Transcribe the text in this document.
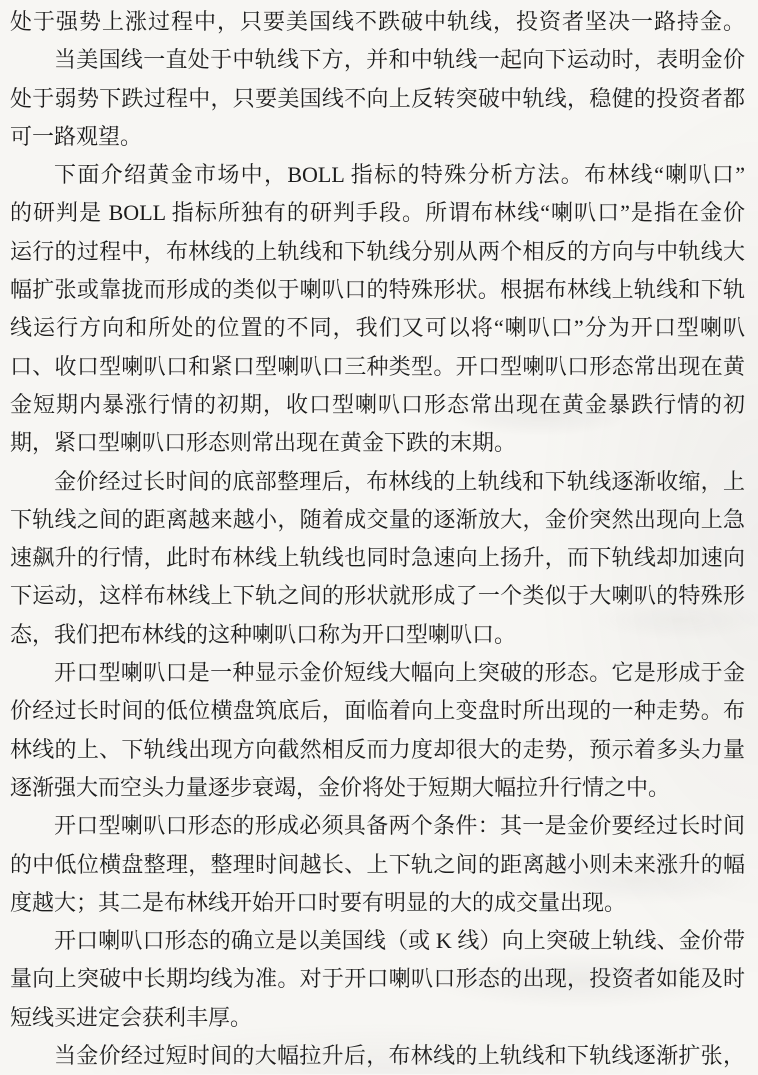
处于强势上涨过程中，只要美国线不跌破中轨线，投资者坚决一路持金。
当美国线一直处于中轨线下方，并和中轨线一起向下运动时，表明金价
处于弱势下跌过程中，只要美国线不向上反转突破中轨线，稳健的投资者都
可一路观望。
下面介绍黄金市场中，BOLL 指标的特殊分析方法。布林线“喇叭口”
的研判是 BOLL 指标所独有的研判手段。所谓布林线“喇叭口”是指在金价
运行的过程中，布林线的上轨线和下轨线分别从两个相反的方向与中轨线大
幅扩张或靠拢而形成的类似于喇叭口的特殊形状。根据布林线上轨线和下轨
线运行方向和所处的位置的不同，我们又可以将“喇叭口”分为开口型喇叭
口、收口型喇叭口和紧口型喇叭口三种类型。开口型喇叭口形态常出现在黄
金短期内暴涨行情的初期，收口型喇叭口形态常出现在黄金暴跌行情的初
期，紧口型喇叭口形态则常出现在黄金下跌的末期。
金价经过长时间的底部整理后，布林线的上轨线和下轨线逐渐收缩，上
下轨线之间的距离越来越小，随着成交量的逐渐放大，金价突然出现向上急
速飙升的行情，此时布林线上轨线也同时急速向上扬升，而下轨线却加速向
下运动，这样布林线上下轨之间的形状就形成了一个类似于大喇叭的特殊形
态，我们把布林线的这种喇叭口称为开口型喇叭口。
开口型喇叭口是一种显示金价短线大幅向上突破的形态。它是形成于金
价经过长时间的低位横盘筑底后，面临着向上变盘时所出现的一种走势。布
林线的上、下轨线出现方向截然相反而力度却很大的走势，预示着多头力量
逐渐强大而空头力量逐步衰竭，金价将处于短期大幅拉升行情之中。
开口型喇叭口形态的形成必须具备两个条件：其一是金价要经过长时间
的中低位横盘整理，整理时间越长、上下轨之间的距离越小则未来涨升的幅
度越大；其二是布林线开始开口时要有明显的大的成交量出现。
开口喇叭口形态的确立是以美国线（或 K 线）向上突破上轨线、金价带
量向上突破中长期均线为准。对于开口喇叭口形态的出现，投资者如能及时
短线买进定会获利丰厚。
当金价经过短时间的大幅拉升后，布林线的上轨线和下轨线逐渐扩张，
